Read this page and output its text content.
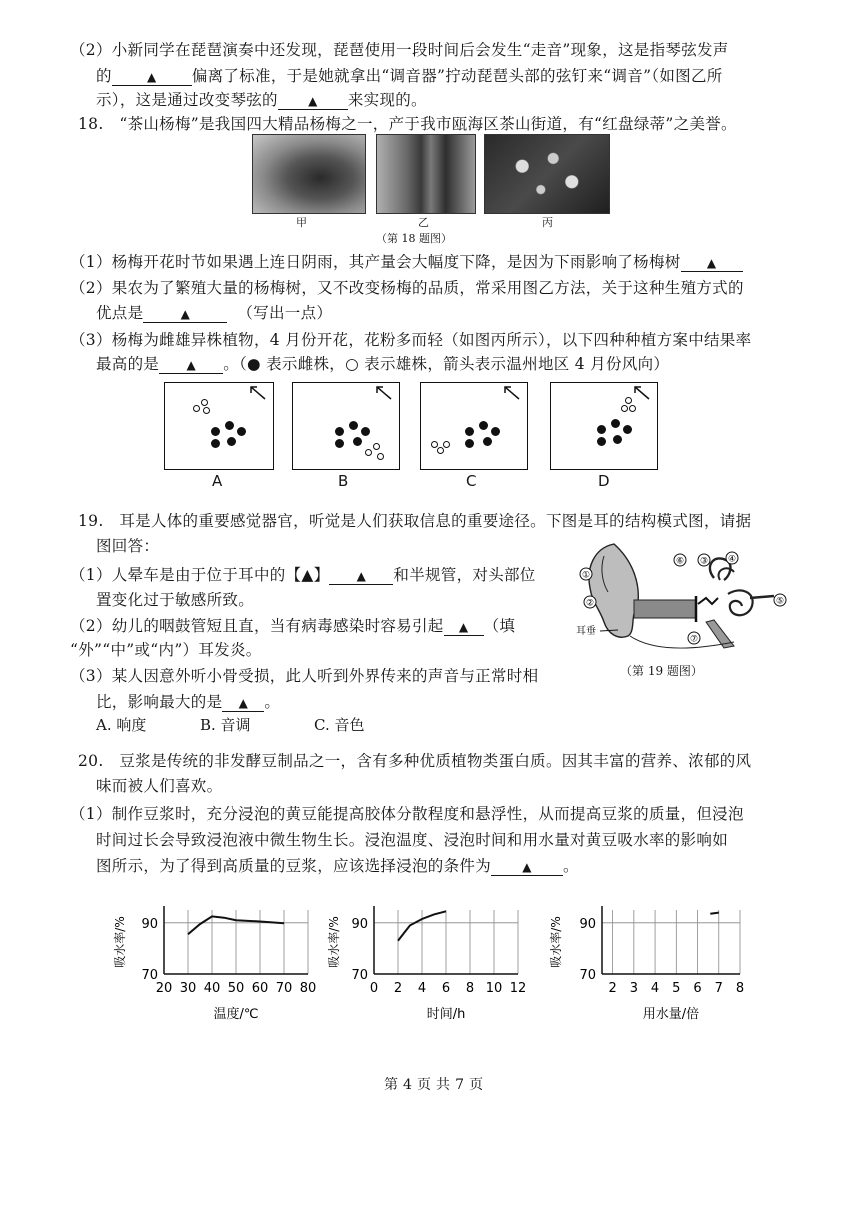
（2）小新同学在琵琶演奏中还发现，琵琶使用一段时间后会发生“走音”现象，这是指琴弦发声
的	▲ 偏离了标准，于是她就拿出“调音器”拧动琵琶头部的弦钉来“调音”（如图乙所
示），这是通过改变琴弦的	▲ 来实现的。
18.　“茶山杨梅”是我国四大精品杨梅之一，产于我市瓯海区茶山街道，有“红盘绿蒂”之美誉。
甲	乙	丙
（第 18 题图）
（1）杨梅开花时节如果遇上连日阴雨，其产量会大幅度下降，是因为下雨影响了杨梅树 ▲
（2）果农为了繁殖大量的杨梅树，又不改变杨梅的品质，常采用图乙方法，关于这种生殖方式的
优点是	▲	（写出一点）
（3）杨梅为雌雄异株植物，4 月份开花，花粉多而轻（如图丙所示），以下四种种植方案中结果率
最高的是 ▲ 。（● 表示雌株，○ 表示雄株，箭头表示温州地区 4 月份风向）
A	B	C	D
19.　耳是人体的重要感觉器官，听觉是人们获取信息的重要途径。下图是耳的结构模式图，请据
图回答：
（1）人晕车是由于位于耳中的【▲】 ▲ 和半规管，对头部位
置变化过于敏感所致。
（2）幼儿的咽鼓管短且直，当有病毒感染时容易引起 ▲ （填
“外”“中”或“内”）耳发炎。
（3）某人因意外听小骨受损，此人听到外界传来的声音与正常时相
比，影响最大的是 ▲ 。
A. 响度	B. 音调	C. 音色
⑥ ③ ④
①
②	⑤
⑦
耳垂
（第 19 题图）
20.　豆浆是传统的非发酵豆制品之一，含有多种优质植物类蛋白质。因其丰富的营养、浓郁的风
味而被人们喜欢。
（1）制作豆浆时，充分浸泡的黄豆能提高胶体分散程度和悬浮性，从而提高豆浆的质量，但浸泡
时间过长会导致浸泡液中微生物生长。浸泡温度、浸泡时间和用水量对黄豆吸水率的影响如
图所示，为了得到高质量的豆浆，应该选择浸泡的条件为	▲ 。
20 30 40 50 60 70 80
70
90
温度/℃
吸水率/%
0 2 4 6 8 10 12
70
90
时间/h
吸水率/%
2 3 4 5 6 7 8
70
90
用水量/倍
吸水率/%
第 4 页 共 7 页
